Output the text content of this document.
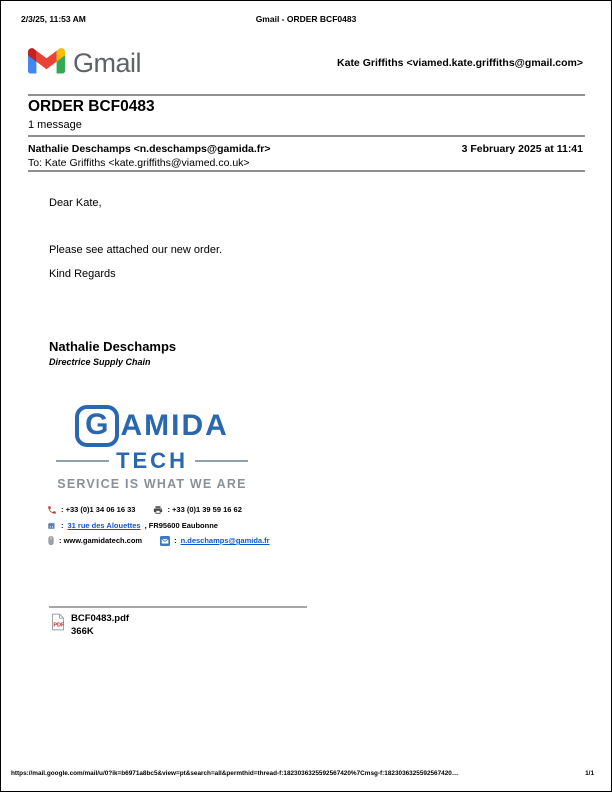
2/3/25, 11:53 AM	Gmail - ORDER BCF0483
Gmail	Kate Griffiths <viamed.kate.griffiths@gmail.com>
ORDER BCF0483
1 message
Nathalie Deschamps <n.deschamps@gamida.fr>	3 February 2025 at 11:41
To: Kate Griffiths <kate.griffiths@viamed.co.uk>
Dear Kate,
Please see attached our new order.
Kind Regards
Nathalie Deschamps
Directrice Supply Chain
G AMIDA
TECH
SERVICE IS WHAT WE ARE
: +33 (0)1 34 06 16 33	: +33 (0)1 39 59 16 62
: 31 rue des Alouettes , FR95600 Eaubonne
: www.gamidatech.com	: n.deschamps@gamida.fr
PDF
BCF0483.pdf
366K
https://mail.google.com/mail/u/0?ik=b6971a8bc5&view=pt&search=all&permthid=thread-f:1823036325592567420%7Cmsg-f:1823036325592567420…	1/1
